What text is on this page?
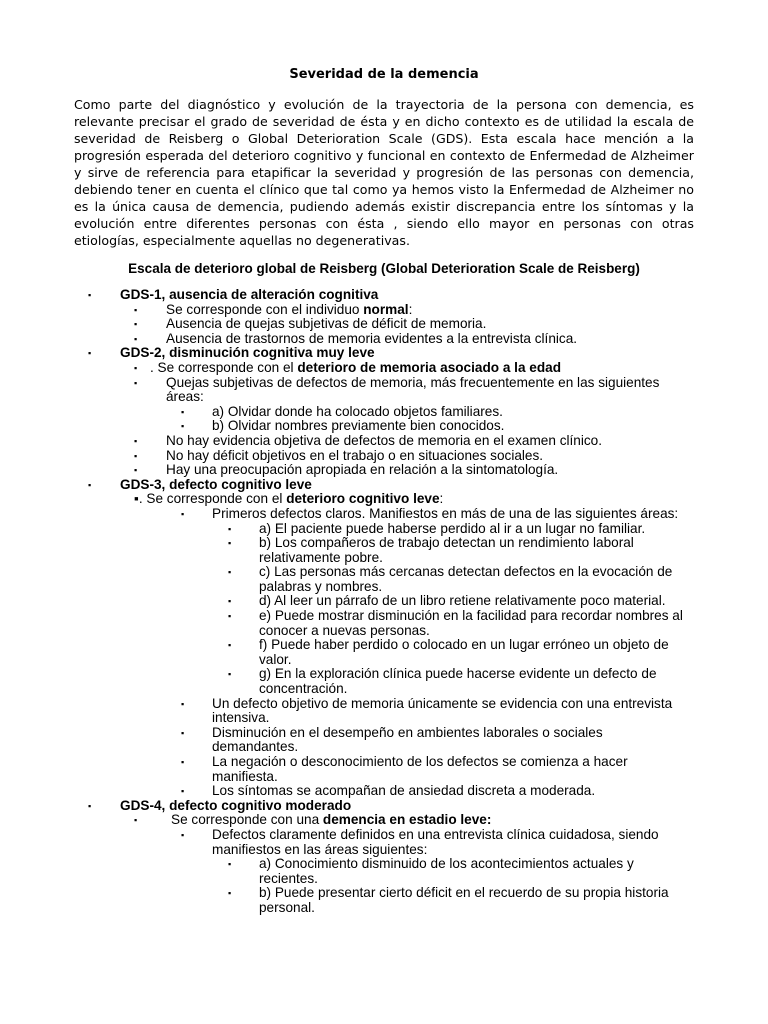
Severidad de la demencia

Como parte del diagnóstico y evolución de la trayectoria de la persona con demencia, es relevante precisar el grado de severidad de ésta y en dicho contexto es de utilidad la escala de severidad de Reisberg o Global Deterioration Scale (GDS). Esta escala hace mención a la progresión esperada del deterioro cognitivo y funcional en contexto de Enfermedad de Alzheimer y sirve de referencia para etapificar la severidad y progresión de las personas con demencia, debiendo tener en cuenta el clínico que tal como ya hemos visto la Enfermedad de Alzheimer no es la única causa de demencia, pudiendo además existir discrepancia entre los síntomas y la evolución entre diferentes personas con ésta , siendo ello mayor en personas con otras etiologías, especialmente aquellas no degenerativas.

Escala de deterioro global de Reisberg (Global Deterioration Scale de Reisberg)
▪ GDS-1, ausencia de alteración cognitiva
▪ Se corresponde con el individuo normal:
▪ Ausencia de quejas subjetivas de déficit de memoria.
▪ Ausencia de trastornos de memoria evidentes a la entrevista clínica.
▪ GDS-2, disminución cognitiva muy leve
▪ . Se corresponde con el deterioro de memoria asociado a la edad
▪ Quejas subjetivas de defectos de memoria, más frecuentemente en las siguientes áreas:
▪ a) Olvidar donde ha colocado objetos familiares.
▪ b) Olvidar nombres previamente bien conocidos.
▪ No hay evidencia objetiva de defectos de memoria en el examen clínico.
▪ No hay déficit objetivos en el trabajo o en situaciones sociales.
▪ Hay una preocupación apropiada en relación a la sintomatología.
▪ GDS-3, defecto cognitivo leve
▪. Se corresponde con el deterioro cognitivo leve:
▪ Primeros defectos claros. Manifiestos en más de una de las siguientes áreas:
▪ a) El paciente puede haberse perdido al ir a un lugar no familiar.
▪ b) Los compañeros de trabajo detectan un rendimiento laboral relativamente pobre.
▪ c) Las personas más cercanas detectan defectos en la evocación de palabras y nombres.
▪ d) Al leer un párrafo de un libro retiene relativamente poco material.
▪ e) Puede mostrar disminución en la facilidad para recordar nombres al conocer a nuevas personas.
▪ f) Puede haber perdido o colocado en un lugar erróneo un objeto de valor.
▪ g) En la exploración clínica puede hacerse evidente un defecto de concentración.
▪ Un defecto objetivo de memoria únicamente se evidencia con una entrevista intensiva.
▪ Disminución en el desempeño en ambientes laborales o sociales demandantes.
▪ La negación o desconocimiento de los defectos se comienza a hacer manifiesta.
▪ Los síntomas se acompañan de ansiedad discreta a moderada.
▪ GDS-4, defecto cognitivo moderado
▪ Se corresponde con una demencia en estadio leve:
▪ Defectos claramente definidos en una entrevista clínica cuidadosa, siendo manifiestos en las áreas siguientes:
▪ a) Conocimiento disminuido de los acontecimientos actuales y recientes.
▪ b) Puede presentar cierto déficit en el recuerdo de su propia historia personal.
